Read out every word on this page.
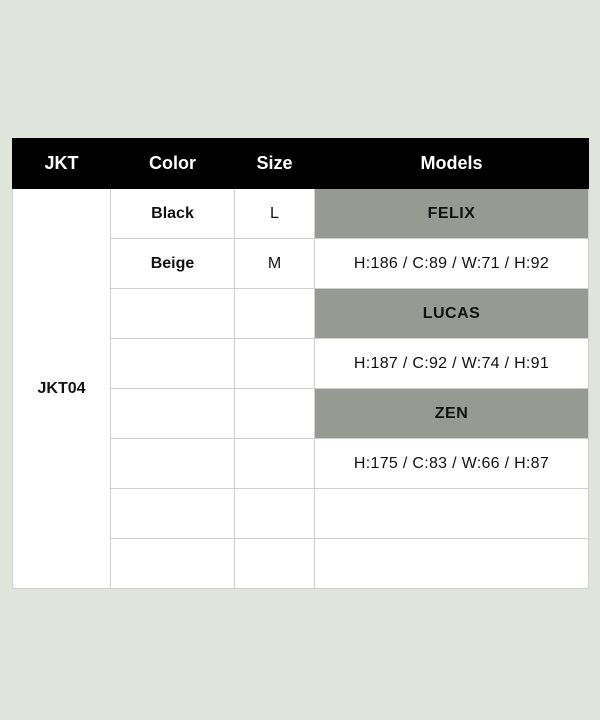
JKT	Color	Size	Models
JKT04	Black	L	FELIX
	Beige	M	H:186 / C:89 / W:71 / H:92
			LUCAS
			H:187 / C:92 / W:74 / H:91
			ZEN
			H:175 / C:83 / W:66 / H:87
